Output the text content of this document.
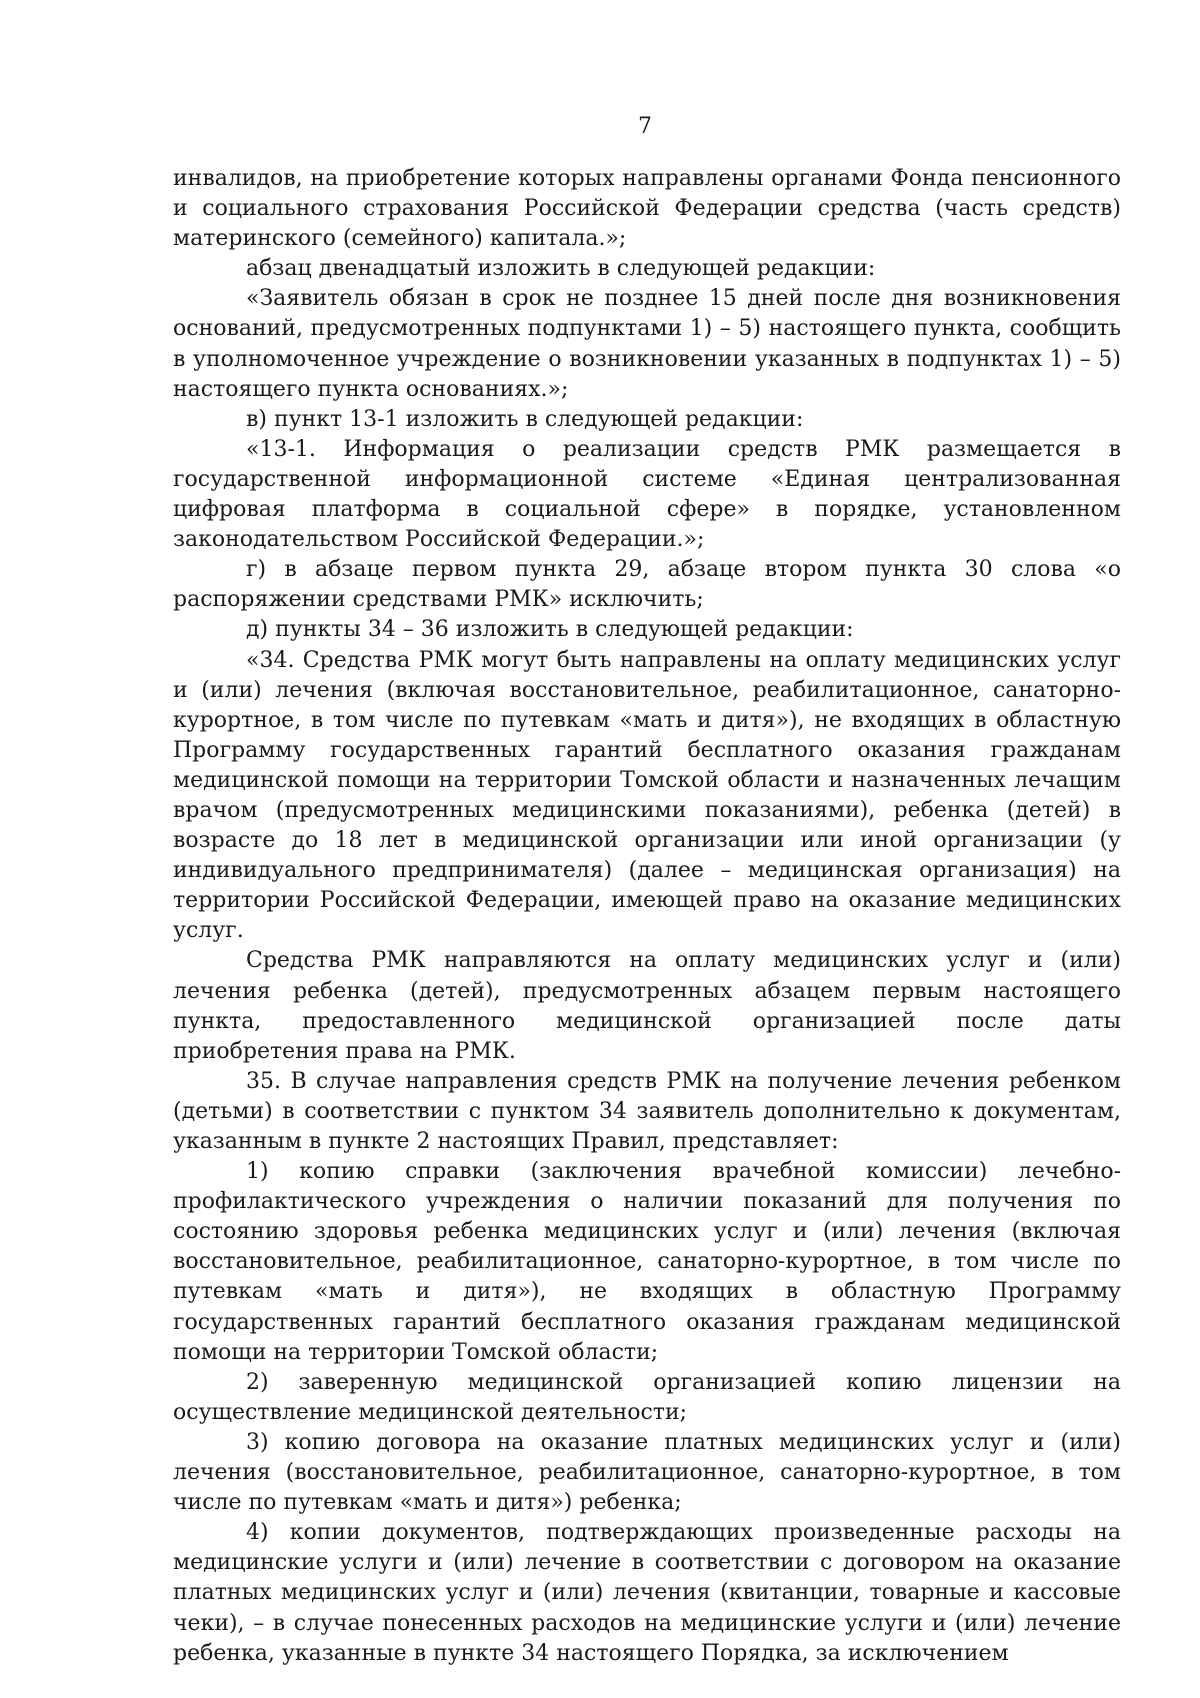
7

инвалидов, на приобретение которых направлены органами Фонда пенсионного и социального страхования Российской Федерации средства (часть средств) материнского (семейного) капитала.»;

абзац двенадцатый изложить в следующей редакции:

«Заявитель обязан в срок не позднее 15 дней после дня возникновения оснований, предусмотренных подпунктами 1) – 5) настоящего пункта, сообщить в уполномоченное учреждение о возникновении указанных в подпунктах 1) – 5) настоящего пункта основаниях.»;

в) пункт 13-1 изложить в следующей редакции:

«13-1. Информация о реализации средств РМК размещается в государственной информационной системе «Единая централизованная цифровая платформа в социальной сфере» в порядке, установленном законодательством Российской Федерации.»;

г) в абзаце первом пункта 29, абзаце втором пункта 30 слова «о распоряжении средствами РМК» исключить;

д) пункты 34 – 36 изложить в следующей редакции:

«34. Средства РМК могут быть направлены на оплату медицинских услуг и (или) лечения (включая восстановительное, реабилитационное, санаторно-курортное, в том числе по путевкам «мать и дитя»), не входящих в областную Программу государственных гарантий бесплатного оказания гражданам медицинской помощи на территории Томской области и назначенных лечащим врачом (предусмотренных медицинскими показаниями), ребенка (детей) в возрасте до 18 лет в медицинской организации или иной организации (у индивидуального предпринимателя) (далее – медицинская организация) на территории Российской Федерации, имеющей право на оказание медицинских услуг.

Средства РМК направляются на оплату медицинских услуг и (или) лечения ребенка (детей), предусмотренных абзацем первым настоящего пункта, предоставленного медицинской организацией после даты приобретения права на РМК.

35. В случае направления средств РМК на получение лечения ребенком (детьми) в соответствии с пунктом 34 заявитель дополнительно к документам, указанным в пункте 2 настоящих Правил, представляет:

1) копию справки (заключения врачебной комиссии) лечебно-профилактического учреждения о наличии показаний для получения по состоянию здоровья ребенка медицинских услуг и (или) лечения (включая восстановительное, реабилитационное, санаторно-курортное, в том числе по путевкам «мать и дитя»), не входящих в областную Программу государственных гарантий бесплатного оказания гражданам медицинской помощи на территории Томской области;

2) заверенную медицинской организацией копию лицензии на осуществление медицинской деятельности;

3) копию договора на оказание платных медицинских услуг и (или) лечения (восстановительное, реабилитационное, санаторно-курортное, в том числе по путевкам «мать и дитя») ребенка;

4) копии документов, подтверждающих произведенные расходы на медицинские услуги и (или) лечение в соответствии с договором на оказание платных медицинских услуг и (или) лечения (квитанции, товарные и кассовые чеки), – в случае понесенных расходов на медицинские услуги и (или) лечение ребенка, указанные в пункте 34 настоящего Порядка, за исключением
